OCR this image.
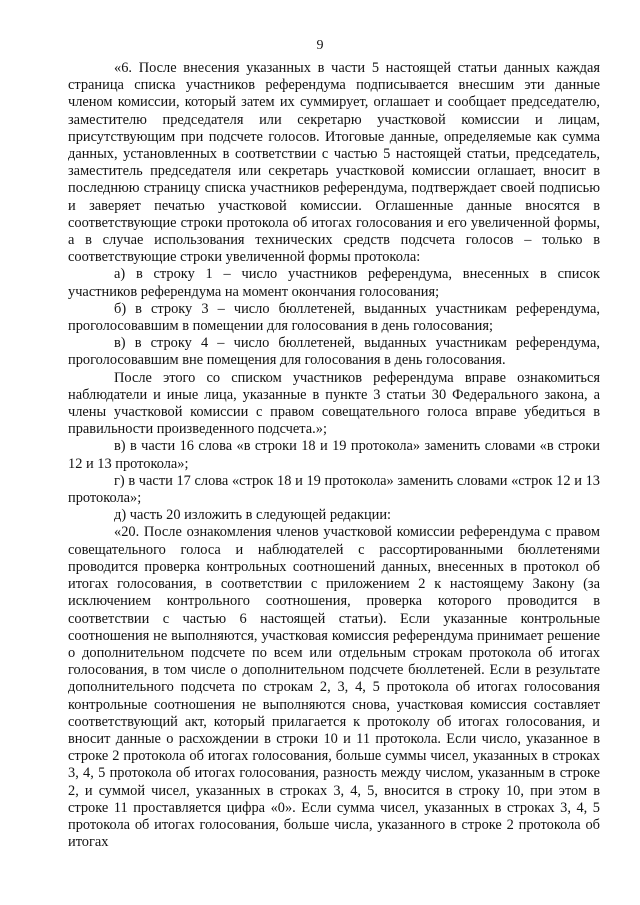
9

«6. После внесения указанных в части 5 настоящей статьи данных каждая страница списка участников референдума подписывается внесшим эти данные членом комиссии, который затем их суммирует, оглашает и сообщает председателю, заместителю председателя или секретарю участковой комиссии и лицам, присутствующим при подсчете голосов. Итоговые данные, определяемые как сумма данных, установленных в соответствии с частью 5 настоящей статьи, председатель, заместитель председателя или секретарь участковой комиссии оглашает, вносит в последнюю страницу списка участников референдума, подтверждает своей подписью и заверяет печатью участковой комиссии. Оглашенные данные вносятся в соответствующие строки протокола об итогах голосования и его увеличенной формы, а в случае использования технических средств подсчета голосов – только в соответствующие строки увеличенной формы протокола:

а) в строку 1 – число участников референдума, внесенных в список участников референдума на момент окончания голосования;

б) в строку 3 – число бюллетеней, выданных участникам референдума, проголосовавшим в помещении для голосования в день голосования;

в) в строку 4 – число бюллетеней, выданных участникам референдума, проголосовавшим вне помещения для голосования в день голосования.

После этого со списком участников референдума вправе ознакомиться наблюдатели и иные лица, указанные в пункте 3 статьи 30 Федерального закона, а члены участковой комиссии с правом совещательного голоса вправе убедиться в правильности произведенного подсчета.»;

в) в части 16 слова «в строки 18 и 19 протокола» заменить словами «в строки 12 и 13 протокола»;

г) в части 17 слова «строк 18 и 19 протокола» заменить словами «строк 12 и 13 протокола»;

д) часть 20 изложить в следующей редакции:

«20. После ознакомления членов участковой комиссии референдума с правом совещательного голоса и наблюдателей с рассортированными бюллетенями проводится проверка контрольных соотношений данных, внесенных в протокол об итогах голосования, в соответствии с приложением 2 к настоящему Закону (за исключением контрольного соотношения, проверка которого проводится в соответствии с частью 6 настоящей статьи). Если указанные контрольные соотношения не выполняются, участковая комиссия референдума принимает решение о дополнительном подсчете по всем или отдельным строкам протокола об итогах голосования, в том числе о дополнительном подсчете бюллетеней. Если в результате дополнительного подсчета по строкам 2, 3, 4, 5 протокола об итогах голосования контрольные соотношения не выполняются снова, участковая комиссия составляет соответствующий акт, который прилагается к протоколу об итогах голосования, и вносит данные о расхождении в строки 10 и 11 протокола. Если число, указанное в строке 2 протокола об итогах голосования, больше суммы чисел, указанных в строках 3, 4, 5 протокола об итогах голосования, разность между числом, указанным в строке 2, и суммой чисел, указанных в строках 3, 4, 5, вносится в строку 10, при этом в строке 11 проставляется цифра «0». Если сумма чисел, указанных в строках 3, 4, 5 протокола об итогах голосования, больше числа, указанного в строке 2 протокола об итогах
